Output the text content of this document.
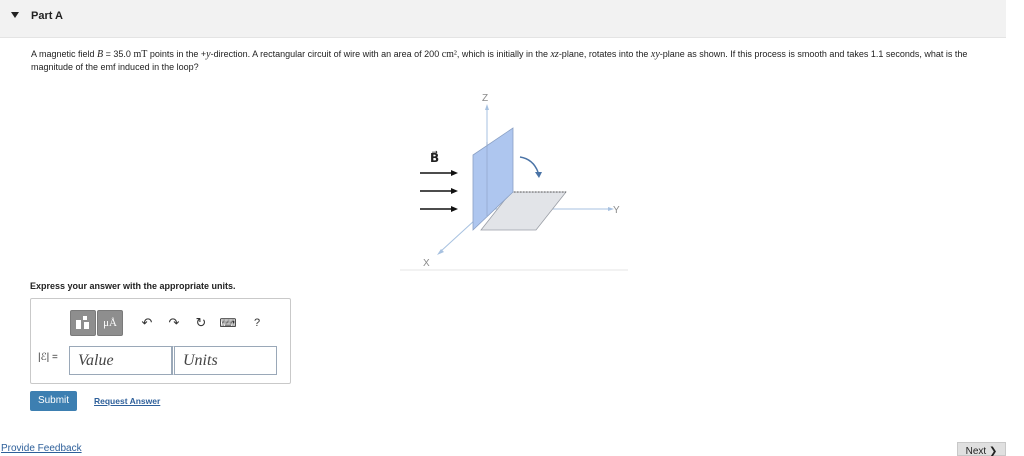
Part A
A magnetic field B = 35.0 mT points in the +y-direction. A rectangular circuit of wire with an area of 200 cm², which is initially in the xz-plane, rotates into the xy-plane as shown. If this process is smooth and takes 1.1 seconds, what is the magnitude of the emf induced in the loop?
Z
Y
X
B⃗
Express your answer with the appropriate units.
μÅ	↶ ↷ ↻ ⌨	?
|ℰ| =	Value	Units
Submit	Request Answer
Provide Feedback	Next ❯
